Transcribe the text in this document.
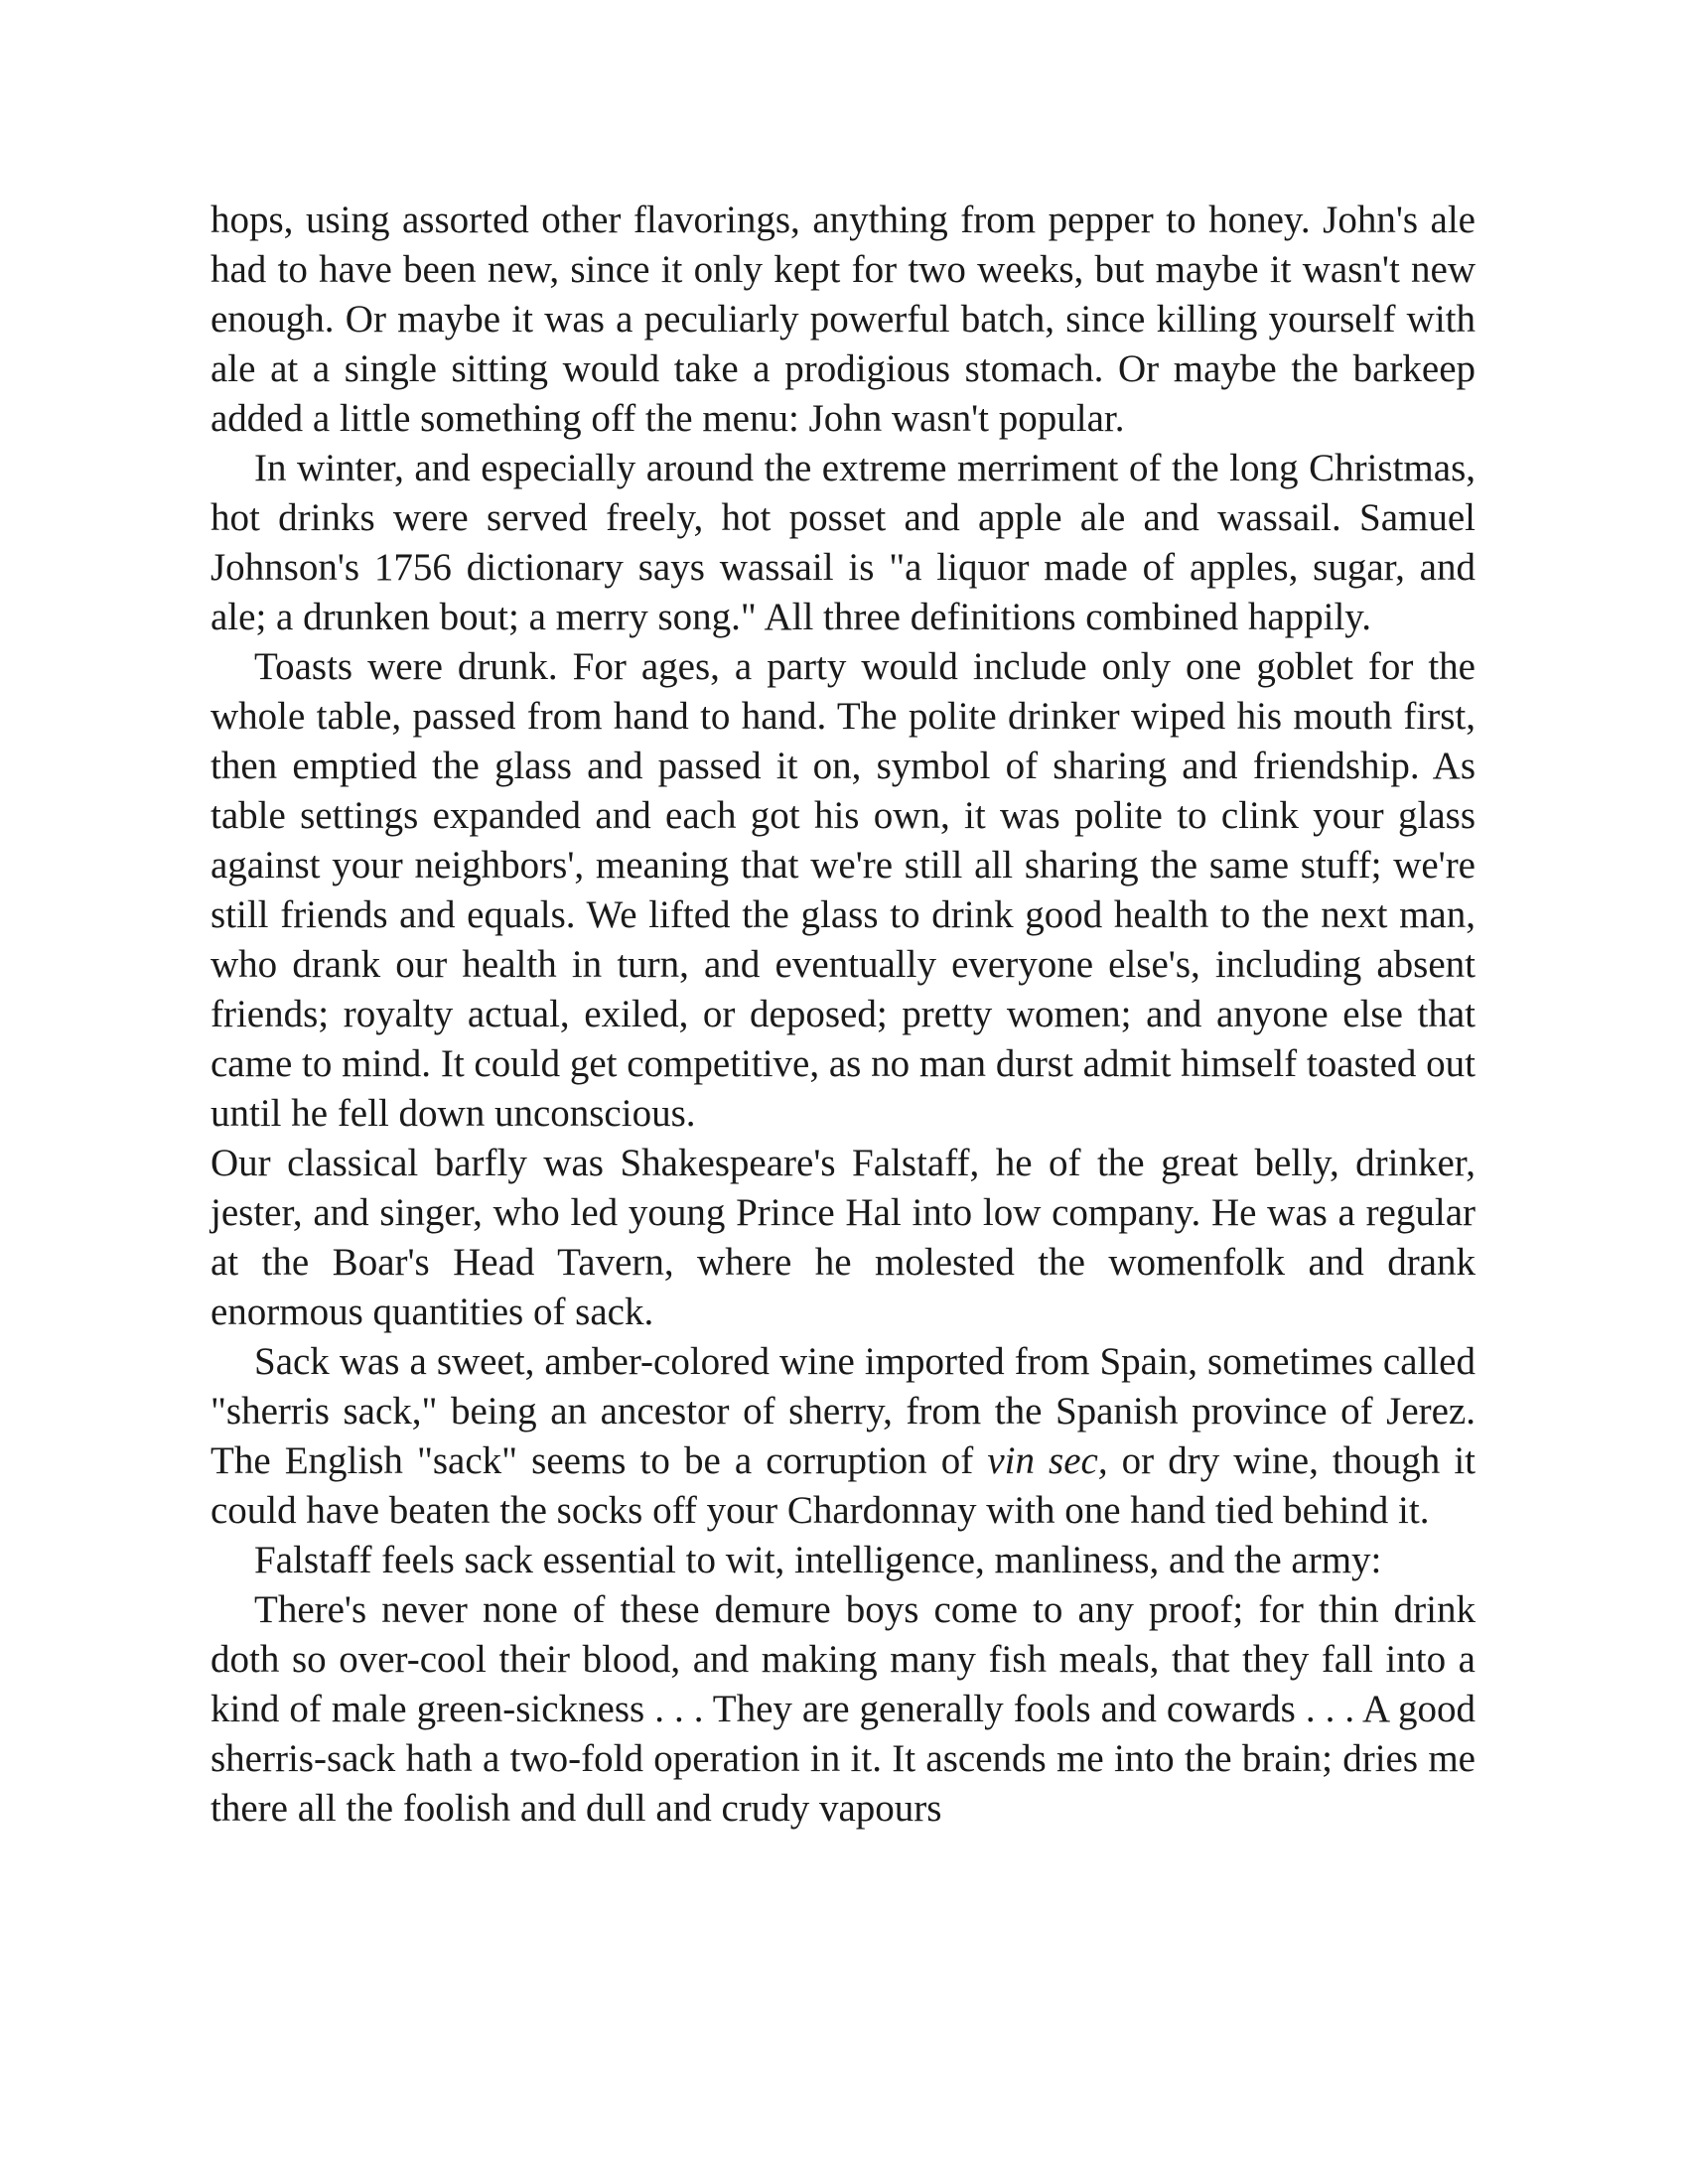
hops, using assorted other flavorings, anything from pepper to honey. John's ale had to have been new, since it only kept for two weeks, but maybe it wasn't new enough. Or maybe it was a peculiarly powerful batch, since killing yourself with ale at a single sitting would take a prodigious stomach. Or maybe the barkeep added a little something off the menu: John wasn't popular.

In winter, and especially around the extreme merriment of the long Christmas, hot drinks were served freely, hot posset and apple ale and wassail. Samuel Johnson's 1756 dictionary says wassail is "a liquor made of apples, sugar, and ale; a drunken bout; a merry song." All three definitions combined happily.

Toasts were drunk. For ages, a party would include only one goblet for the whole table, passed from hand to hand. The polite drinker wiped his mouth first, then emptied the glass and passed it on, symbol of sharing and friendship. As table settings expanded and each got his own, it was polite to clink your glass against your neighbors', meaning that we're still all sharing the same stuff; we're still friends and equals. We lifted the glass to drink good health to the next man, who drank our health in turn, and eventually everyone else's, including absent friends; royalty actual, exiled, or deposed; pretty women; and anyone else that came to mind. It could get competitive, as no man durst admit himself toasted out until he fell down unconscious.

Our classical barfly was Shakespeare's Falstaff, he of the great belly, drinker, jester, and singer, who led young Prince Hal into low company. He was a regular at the Boar's Head Tavern, where he molested the womenfolk and drank enormous quantities of sack.

Sack was a sweet, amber-colored wine imported from Spain, sometimes called "sherris sack," being an ancestor of sherry, from the Spanish province of Jerez. The English "sack" seems to be a corruption of vin sec, or dry wine, though it could have beaten the socks off your Chardonnay with one hand tied behind it.

Falstaff feels sack essential to wit, intelligence, manliness, and the army:

There's never none of these demure boys come to any proof; for thin drink doth so over-cool their blood, and making many fish meals, that they fall into a kind of male green-sickness . . . They are generally fools and cowards . . . A good sherris-sack hath a two-fold operation in it. It ascends me into the brain; dries me there all the foolish and dull and crudy vapours
